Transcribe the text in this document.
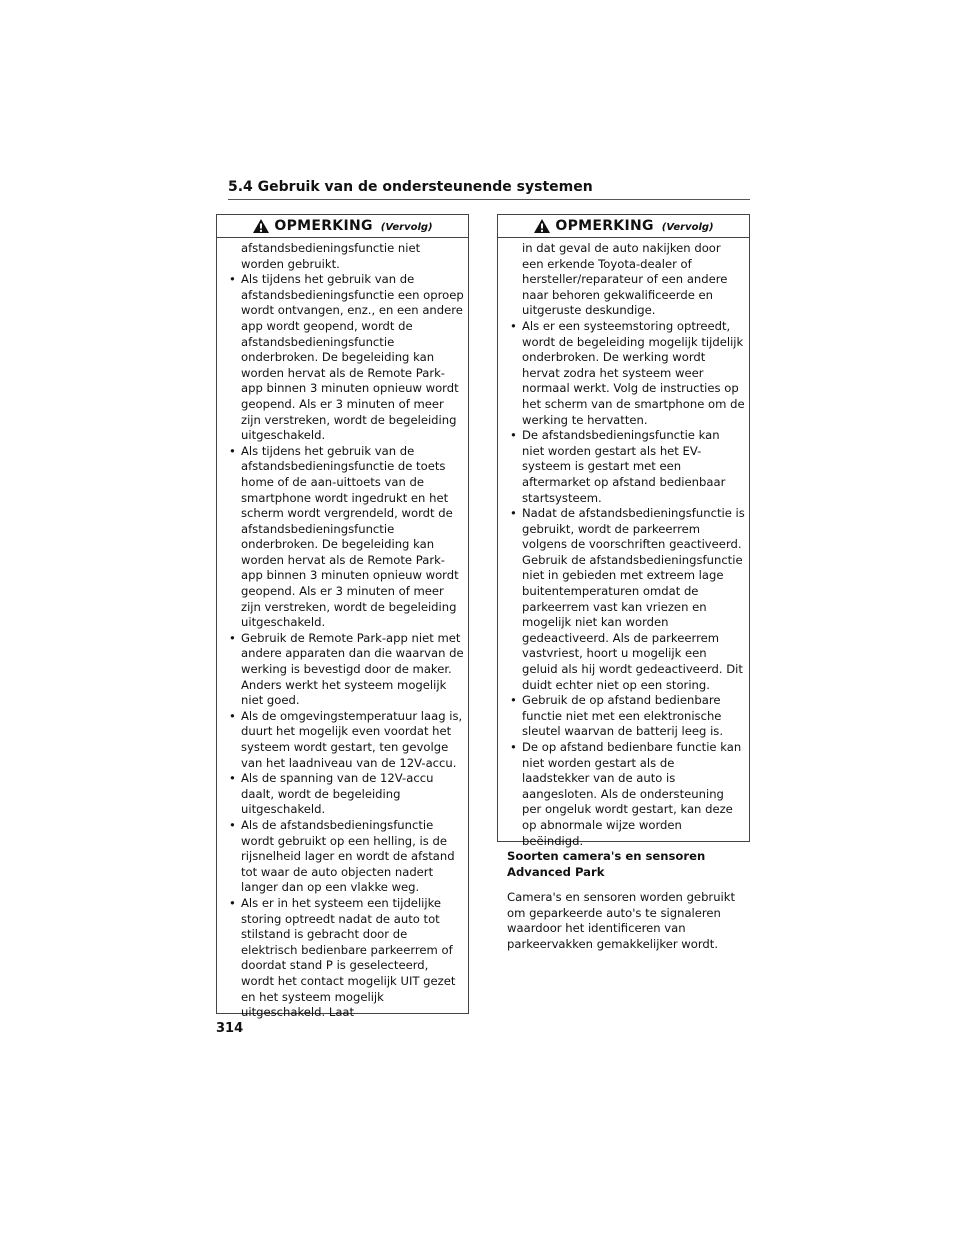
5.4 Gebruik van de ondersteunende systemen
OPMERKING (Vervolg)

afstandsbedieningsfunctie niet worden gebruikt.

• Als tijdens het gebruik van de afstandsbedieningsfunctie een oproep wordt ontvangen, enz., en een andere app wordt geopend, wordt de afstandsbedieningsfunctie onderbroken. De begeleiding kan worden hervat als de Remote Park-app binnen 3 minuten opnieuw wordt geopend. Als er 3 minuten of meer zijn verstreken, wordt de begeleiding uitgeschakeld.
• Als tijdens het gebruik van de afstandsbedieningsfunctie de toets home of de aan-uittoets van de smartphone wordt ingedrukt en het scherm wordt vergrendeld, wordt de afstandsbedieningsfunctie onderbroken. De begeleiding kan worden hervat als de Remote Park-app binnen 3 minuten opnieuw wordt geopend. Als er 3 minuten of meer zijn verstreken, wordt de begeleiding uitgeschakeld.
• Gebruik de Remote Park-app niet met andere apparaten dan die waarvan de werking is bevestigd door de maker. Anders werkt het systeem mogelijk niet goed.
• Als de omgevingstemperatuur laag is, duurt het mogelijk even voordat het systeem wordt gestart, ten gevolge van het laadniveau van de 12V-accu.
• Als de spanning van de 12V-accu daalt, wordt de begeleiding uitgeschakeld.
• Als de afstandsbedieningsfunctie wordt gebruikt op een helling, is de rijsnelheid lager en wordt de afstand tot waar de auto objecten nadert langer dan op een vlakke weg.
• Als er in het systeem een tijdelijke storing optreedt nadat de auto tot stilstand is gebracht door de elektrisch bedienbare parkeerrem of doordat stand P is geselecteerd, wordt het contact mogelijk UIT gezet en het systeem mogelijk uitgeschakeld. Laat
OPMERKING (Vervolg)

in dat geval de auto nakijken door een erkende Toyota-dealer of hersteller/reparateur of een andere naar behoren gekwalificeerde en uitgeruste deskundige.

• Als er een systeemstoring optreedt, wordt de begeleiding mogelijk tijdelijk onderbroken. De werking wordt hervat zodra het systeem weer normaal werkt. Volg de instructies op het scherm van de smartphone om de werking te hervatten.
• De afstandsbedieningsfunctie kan niet worden gestart als het EV-systeem is gestart met een aftermarket op afstand bedienbaar startsysteem.
• Nadat de afstandsbedieningsfunctie is gebruikt, wordt de parkeerrem volgens de voorschriften geactiveerd. Gebruik de afstandsbedieningsfunctie niet in gebieden met extreem lage buitentemperaturen omdat de parkeerrem vast kan vriezen en mogelijk niet kan worden gedeactiveerd. Als de parkeerrem vastvriest, hoort u mogelijk een geluid als hij wordt gedeactiveerd. Dit duidt echter niet op een storing.
• Gebruik de op afstand bedienbare functie niet met een elektronische sleutel waarvan de batterij leeg is.
• De op afstand bedienbare functie kan niet worden gestart als de laadstekker van de auto is aangesloten. Als de ondersteuning per ongeluk wordt gestart, kan deze op abnormale wijze worden beëindigd.

Soorten camera's en sensoren

Advanced Park

Camera's en sensoren worden gebruikt om geparkeerde auto's te signaleren waardoor het identificeren van parkeervakken gemakkelijker wordt.

314
